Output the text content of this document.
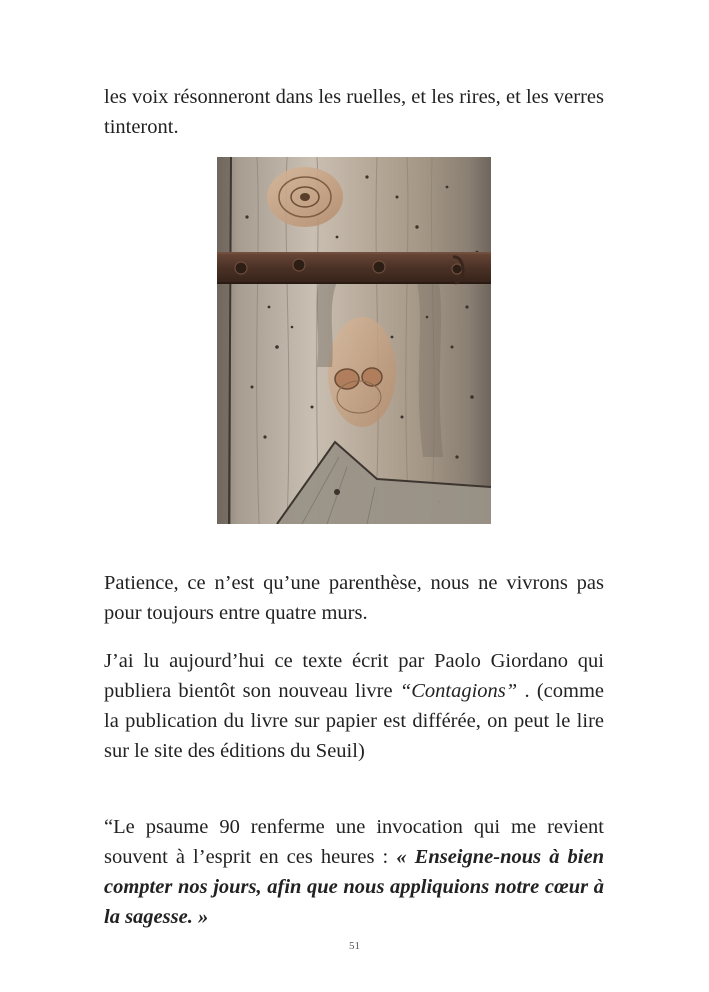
les voix résonneront dans les ruelles, et les rires, et les verres tinteront.

Patience, ce n’est qu’une parenthèse, nous ne vivrons pas pour toujours entre quatre murs.

J’ai lu aujourd’hui ce texte écrit par Paolo Giordano qui publiera bientôt son nouveau livre “Contagions” . (comme la publication du livre sur papier est différée, on peut le lire sur le site des éditions du Seuil)

“Le psaume 90 renferme une invocation qui me revient souvent à l’esprit en ces heures : « Enseigne-nous à bien compter nos jours, afin que nous appliquions notre cœur à la sagesse. »

51
